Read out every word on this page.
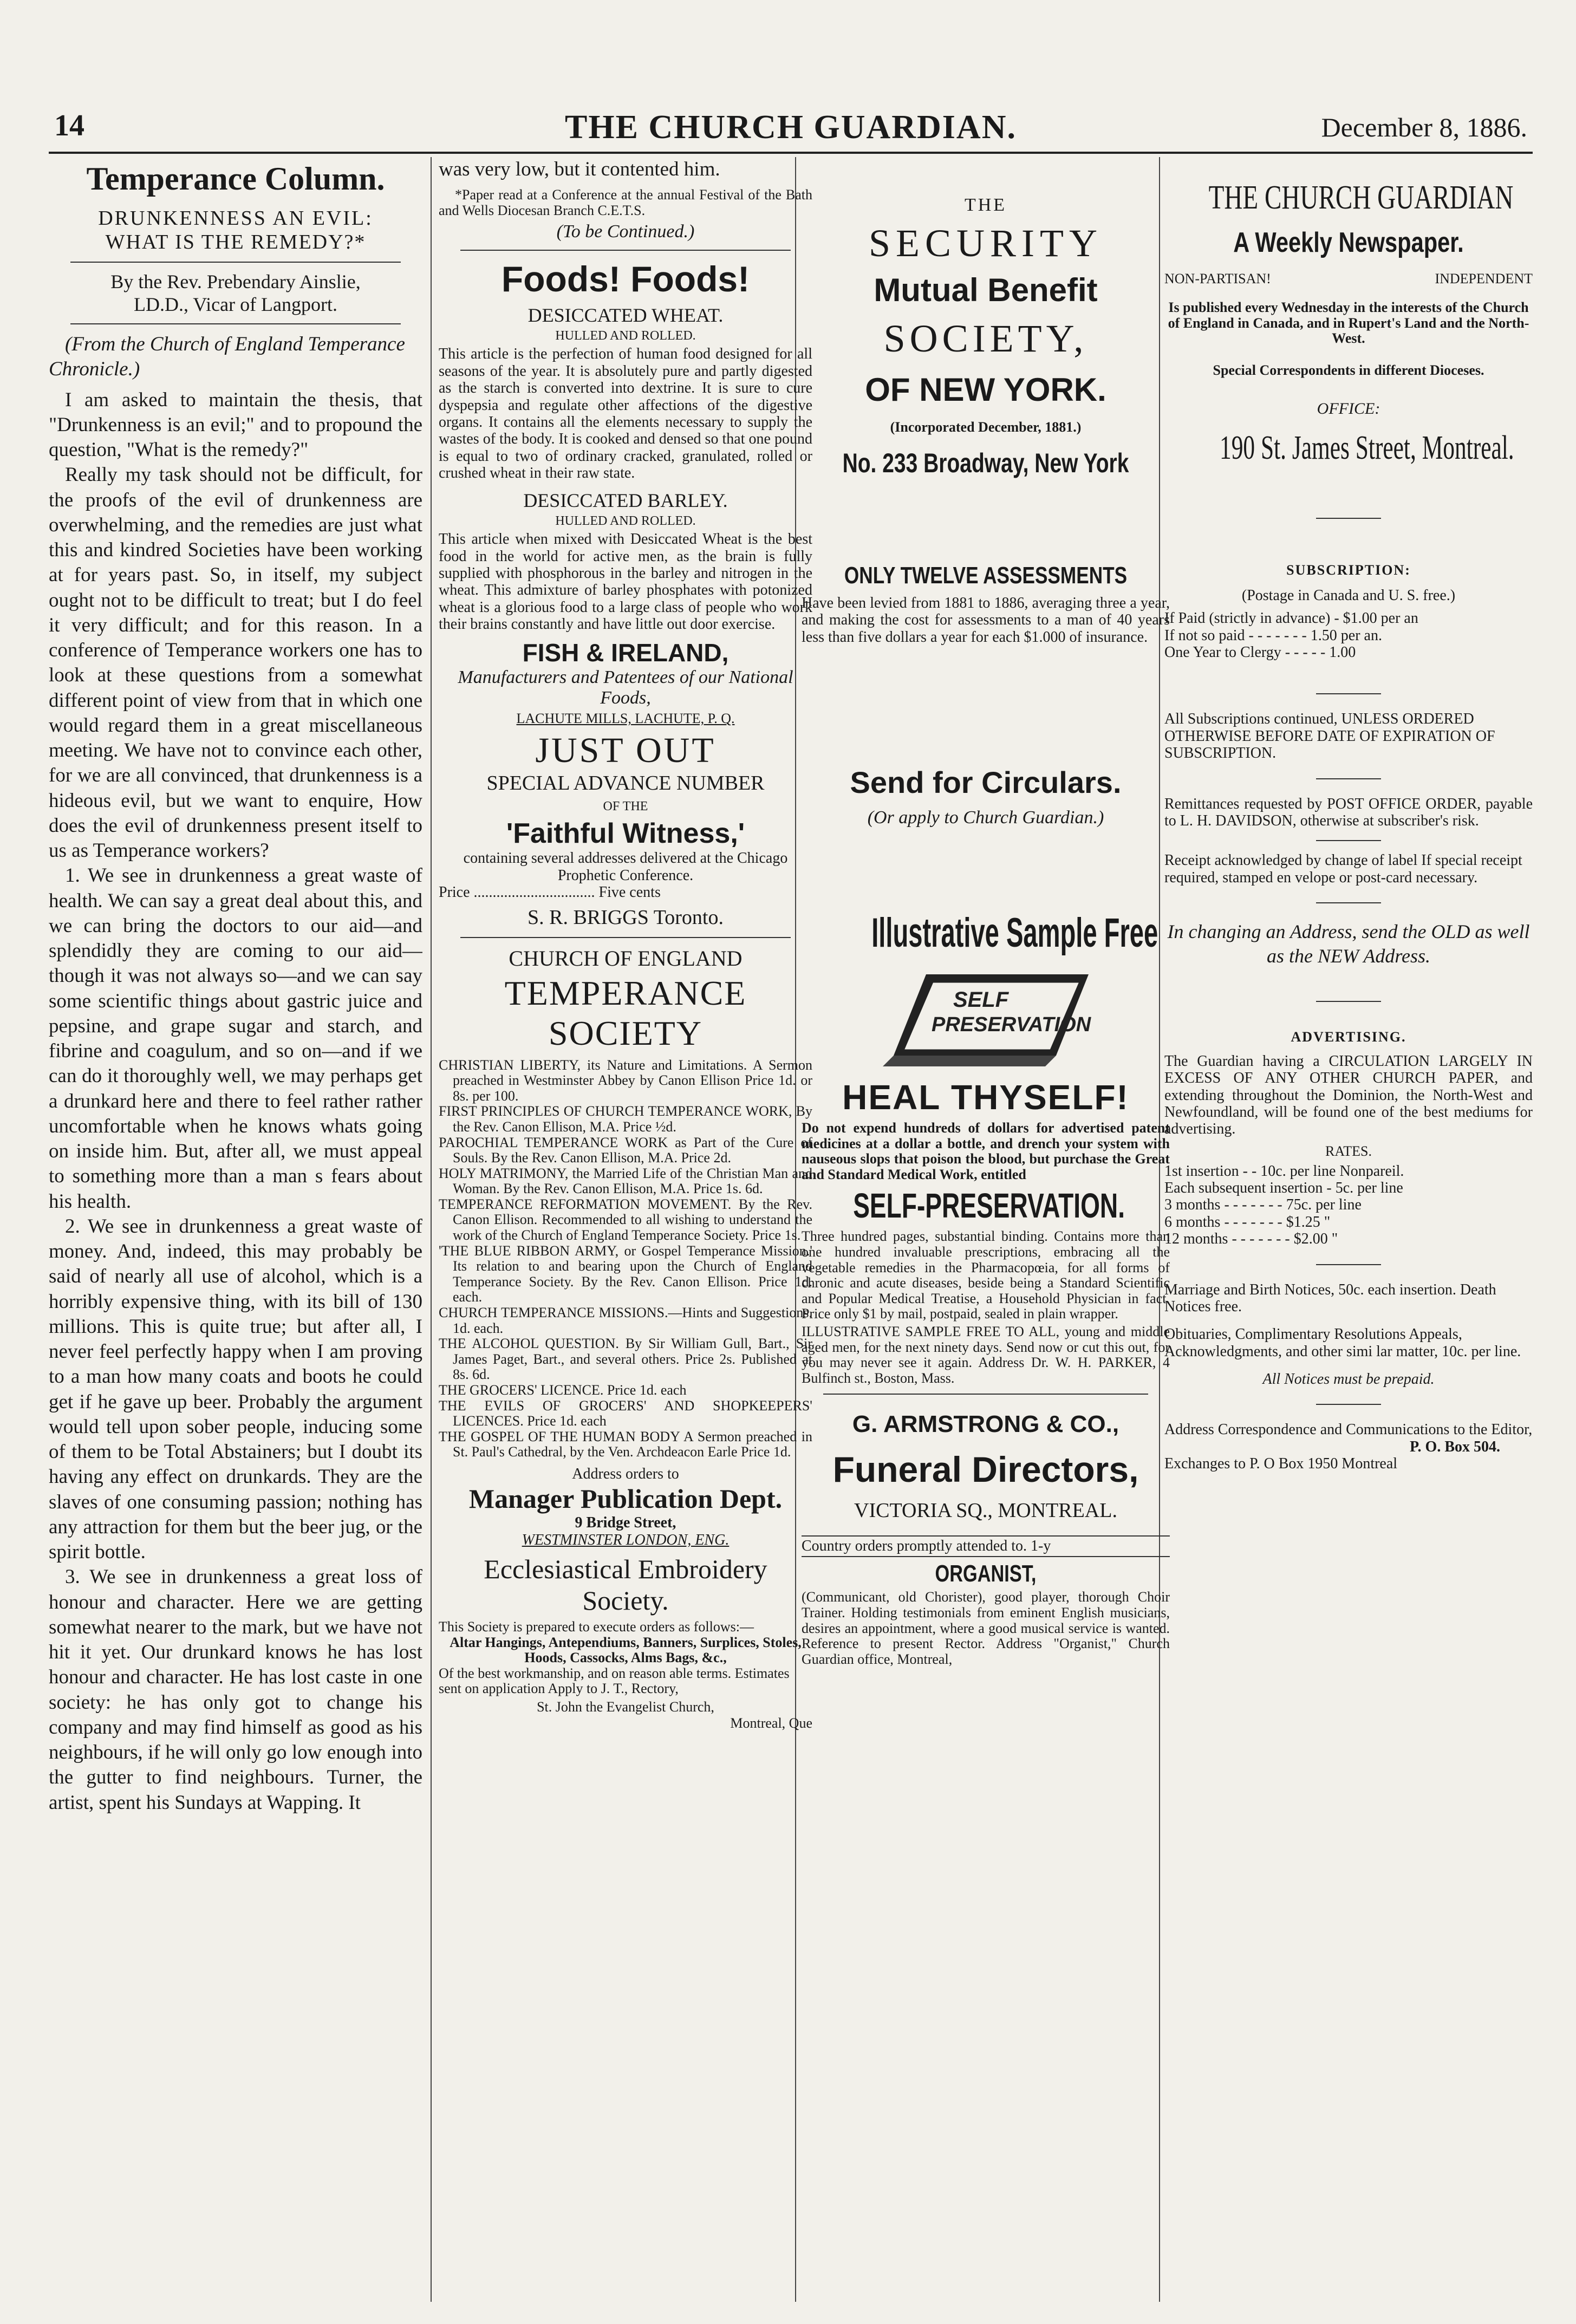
14	THE CHURCH GUARDIAN.	December 8, 1886.
Temperance Column.
DRUNKENNESS AN EVIL:
WHAT IS THE REMEDY?*
By the Rev. Prebendary Ainslie,
LD.D., Vicar of Langport.

(From the Church of England Temperance Chronicle.)

I am asked to maintain the thesis, that "Drunkenness is an evil;" and to propound the question, "What is the remedy?"

Really my task should not be difficult, for the proofs of the evil of drunkenness are overwhelming, and the remedies are just what this and kindred Societies have been working at for years past. So, in itself, my subject ought not to be difficult to treat; but I do feel it very difficult; and for this reason. In a conference of Temperance workers one has to look at these questions from a somewhat different point of view from that in which one would regard them in a great miscellaneous meeting. We have not to convince each other, for we are all convinced, that drunkenness is a hideous evil, but we want to enquire, How does the evil of drunkenness present itself to us as Temperance workers?

1. We see in drunkenness a great waste of health. We can say a great deal about this, and we can bring the doctors to our aid—and splendidly they are coming to our aid—though it was not always so—and we can say some scientific things about gastric juice and pepsine, and grape sugar and starch, and fibrine and coagulum, and so on—and if we can do it thoroughly well, we may perhaps get a drunkard here and there to feel rather rather uncomfortable when he knows whats going on inside him. But, after all, we must appeal to something more than a man s fears about his health.

2. We see in drunkenness a great waste of money. And, indeed, this may probably be said of nearly all use of alcohol, which is a horribly expensive thing, with its bill of 130 millions. This is quite true; but after all, I never feel perfectly happy when I am proving to a man how many coats and boots he could get if he gave up beer. Probably the argument would tell upon sober people, inducing some of them to be Total Abstainers; but I doubt its having any effect on drunkards. They are the slaves of one consuming passion; nothing has any attraction for them but the beer jug, or the spirit bottle.

3. We see in drunkenness a great loss of honour and character. Here we are getting somewhat nearer to the mark, but we have not hit it yet. Our drunkard knows he has lost honour and character. He has lost caste in one society: he has only got to change his company and may find himself as good as his neighbours, if he will only go low enough into the gutter to find neighbours. Turner, the artist, spent his Sundays at Wapping. It

was very low, but it contented him.

*Paper read at a Conference at the annual Festival of the Bath and Wells Diocesan Branch C.E.T.S.

(To be Continued.)

Foods! Foods!
DESICCATED WHEAT.
HULLED AND ROLLED.

This article is the perfection of human food designed for all seasons of the year. It is absolutely pure and partly digested as the starch is converted into dextrine. It is sure to cure dyspepsia and regulate other affections of the digestive organs. It contains all the elements necessary to supply the wastes of the body. It is cooked and densed so that one pound is equal to two of ordinary cracked, granulated, rolled or crushed wheat in their raw state.

DESICCATED BARLEY.
HULLED AND ROLLED.

This article when mixed with Desiccated Wheat is the best food in the world for active men, as the brain is fully supplied with phosphorous in the barley and nitrogen in the wheat. This admixture of barley phosphates with potonized wheat is a glorious food to a large class of people who work their brains constantly and have little out door exercise.

FISH & IRELAND,
Manufacturers and Patentees of our National Foods,
LACHUTE MILLS, LACHUTE, P. Q.
JUST OUT
SPECIAL ADVANCE NUMBER
OF THE
'Faithful Witness,'

containing several addresses delivered at the Chicago Prophetic Conference.

Price ................................ Five cents

S. R. BRIGGS Toronto.
CHURCH OF ENGLAND
TEMPERANCE SOCIETY

CHRISTIAN LIBERTY, its Nature and Limitations. A Sermon preached in Westminster Abbey by Canon Ellison Price 1d. or 8s. per 100.

FIRST PRINCIPLES OF CHURCH TEMPERANCE WORK, By the Rev. Canon Ellison, M.A. Price ½d.

PAROCHIAL TEMPERANCE WORK as Part of the Cure of Souls. By the Rev. Canon Ellison, M.A. Price 2d.

HOLY MATRIMONY, the Married Life of the Christian Man and Woman. By the Rev. Canon Ellison, M.A. Price 1s. 6d.

TEMPERANCE REFORMATION MOVEMENT. By the Rev. Canon Ellison. Recommended to all wishing to understand the work of the Church of England Temperance Society. Price 1s.

'THE BLUE RIBBON ARMY, or Gospel Temperance Mission.' Its relation to and bearing upon the Church of England Temperance Society. By the Rev. Canon Ellison. Price 1d. each.

CHURCH TEMPERANCE MISSIONS.—Hints and Suggestions. 1d. each.

THE ALCOHOL QUESTION. By Sir William Gull, Bart., Sir James Paget, Bart., and several others. Price 2s. Published at 8s. 6d.

THE GROCERS' LICENCE. Price 1d. each

THE EVILS OF GROCERS' AND SHOPKEEPERS' LICENCES. Price 1d. each

THE GOSPEL OF THE HUMAN BODY A Sermon preached in St. Paul's Cathedral, by the Ven. Archdeacon Earle Price 1d.

Address orders to
Manager Publication Dept.
9 Bridge Street,
WESTMINSTER LONDON, ENG.
Ecclesiastical Embroidery Society.

This Society is prepared to execute orders as follows:—

Altar Hangings, Antependiums, Banners, Surplices, Stoles, Hoods, Cassocks, Alms Bags, &c.,

Of the best workmanship, and on reason able terms. Estimates sent on application Apply to J. T., Rectory,

St. John the Evangelist Church,
Montreal, Que
THE
SECURITY
Mutual Benefit
SOCIETY,
OF NEW YORK.
(Incorporated December, 1881.)
No. 233 Broadway, New York
ONLY TWELVE ASSESSMENTS

Have been levied from 1881 to 1886, averaging three a year, and making the cost for assessments to a man of 40 years less than five dollars a year for each $1.000 of insurance.

Send for Circulars.
(Or apply to Church Guardian.)
Illustrative Sample Free
SELF
PRESERVATION
HEAL THYSELF!

Do not expend hundreds of dollars for advertised patent medicines at a dollar a bottle, and drench your system with nauseous slops that poison the blood, but purchase the Great and Standard Medical Work, entitled

SELF-PRESERVATION.

Three hundred pages, substantial binding. Contains more than one hundred invaluable prescriptions, embracing all the vegetable remedies in the Pharmacopœia, for all forms of chronic and acute diseases, beside being a Standard Scientific and Popular Medical Treatise, a Household Physician in fact. Price only $1 by mail, postpaid, sealed in plain wrapper.

ILLUSTRATIVE SAMPLE FREE TO ALL, young and middle aged men, for the next ninety days. Send now or cut this out, for you may never see it again. Address Dr. W. H. PARKER, 4 Bulfinch st., Boston, Mass.

G. ARMSTRONG & CO.,
Funeral Directors,
VICTORIA SQ., MONTREAL.
Country orders promptly attended to. 1-y
ORGANIST,

(Communicant, old Chorister), good player, thorough Choir Trainer. Holding testimonials from eminent English musicians, desires an appointment, where a good musical service is wanted. Reference to present Rector. Address "Organist," Church Guardian office, Montreal,

THE CHURCH GUARDIAN
A Weekly Newspaper.
NON-PARTISAN!	INDEPENDENT

Is published every Wednesday in the interests of the Church of England in Canada, and in Rupert's Land and the North-West.

Special Correspondents in different Dioceses.

OFFICE:
190 St. James Street, Montreal.
SUBSCRIPTION:
(Postage in Canada and U. S. free.)
If Paid (strictly in advance) - $1.00 per an
If not so paid - - - - - - - 1.50 per an.
One Year to Clergy - - - - - 1.00

All Subscriptions continued, UNLESS ORDERED OTHERWISE BEFORE DATE OF EXPIRATION OF SUBSCRIPTION.

Remittances requested by POST OFFICE ORDER, payable to L. H. DAVIDSON, otherwise at subscriber's risk.

Receipt acknowledged by change of label If special receipt required, stamped en velope or post-card necessary.

In changing an Address, send the OLD as well as the NEW Address.

ADVERTISING.

The Guardian having a CIRCULATION LARGELY IN EXCESS OF ANY OTHER CHURCH PAPER, and extending throughout the Dominion, the North-West and Newfoundland, will be found one of the best mediums for advertising.

RATES.
1st insertion - - 10c. per line Nonpareil.
Each subsequent insertion - 5c. per line
3 months - - - - - - - 75c. per line
6 months - - - - - - - $1.25 "
12 months - - - - - - - $2.00 "

Marriage and Birth Notices, 50c. each insertion. Death Notices free.

Obituaries, Complimentary Resolutions Appeals, Acknowledgments, and other simi lar matter, 10c. per line.

All Notices must be prepaid.

Address Correspondence and Communications to the Editor,

P. O. Box 504.
Exchanges to P. O Box 1950 Montreal
